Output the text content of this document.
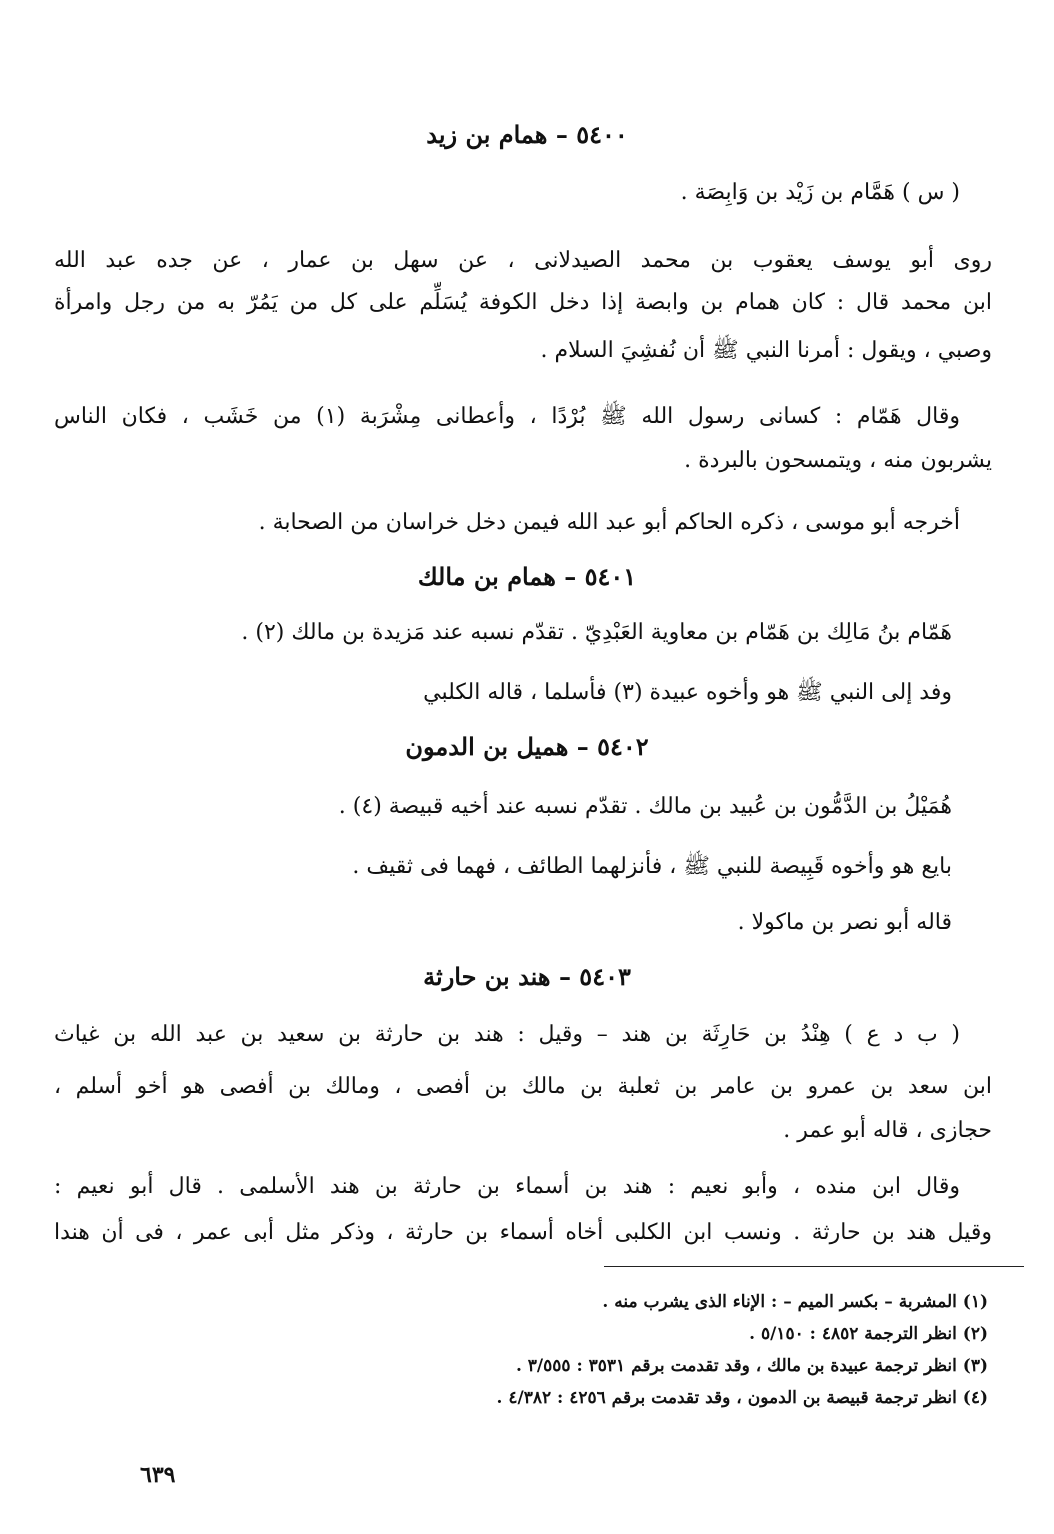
٥٤٠٠ – همام بن زيد
( س ) هَمَّام بن زَيْد بن وَابِصَة .
روى أبو يوسف يعقوب بن محمد الصيدلانى ، عن سهل بن عمار ، عن جده عبد الله
ابن محمد قال : كان همام بن وابصة إذا دخل الكوفة يُسَلِّم على كل من يَمُرّ به من رجل وامرأة
وصبي ، ويقول : أمرنا النبي ﷺ أن نُفشِيَ السلام .
وقال هَمّام : كسانى رسول الله ﷺ بُرْدًا ، وأعطانى مِشْرَبة (١) من خَشَب ، فكان الناس
يشربون منه ، ويتمسحون بالبردة .
أخرجه أبو موسى ، ذكره الحاكم أبو عبد الله فيمن دخل خراسان من الصحابة .
٥٤٠١ – همام بن مالك
هَمّام بنُ مَالِك بن هَمّام بن معاوية العَبْدِيّ . تقدّم نسبه عند مَزيدة بن مالك (٢) .
وفد إلى النبي ﷺ هو وأخوه عبيدة (٣) فأسلما ، قاله الكلبي
٥٤٠٢ – هميل بن الدمون
هُمَيْلُ بن الدَّمُّون بن عُبيد بن مالك . تقدّم نسبه عند أخيه قبيصة (٤) .
بايع هو وأخوه قَبِيصة للنبي ﷺ ، فأنزلهما الطائف ، فهما فى ثقيف .
قاله أبو نصر بن ماكولا .
٥٤٠٣ – هند بن حارثة
( ب د ع ) هِنْدُ بن حَارِثَة بن هند – وقيل : هند بن حارثة بن سعيد بن عبد الله بن غياث
ابن سعد بن عمرو بن عامر بن ثعلبة بن مالك بن أفصى ، ومالك بن أفصى هو أخو أسلم ،
حجازى ، قاله أبو عمر .
وقال ابن منده ، وأبو نعيم : هند بن أسماء بن حارثة بن هند الأسلمى . قال أبو نعيم :
وقيل هند بن حارثة . ونسب ابن الكلبى أخاه أسماء بن حارثة ، وذكر مثل أبى عمر ، فى أن هندا
(١) المشربة – بكسر الميم – : الإناء الذى يشرب منه .
(٢) انظر الترجمة ٤٨٥٢ : ٥/١٥٠ .
(٣) انظر ترجمة عبيدة بن مالك ، وقد تقدمت برقم ٣٥٣١ : ٣/٥٥٥ .
(٤) انظر ترجمة قبيصة بن الدمون ، وقد تقدمت برقم ٤٢٥٦ : ٤/٣٨٢ .
٦٣٩
